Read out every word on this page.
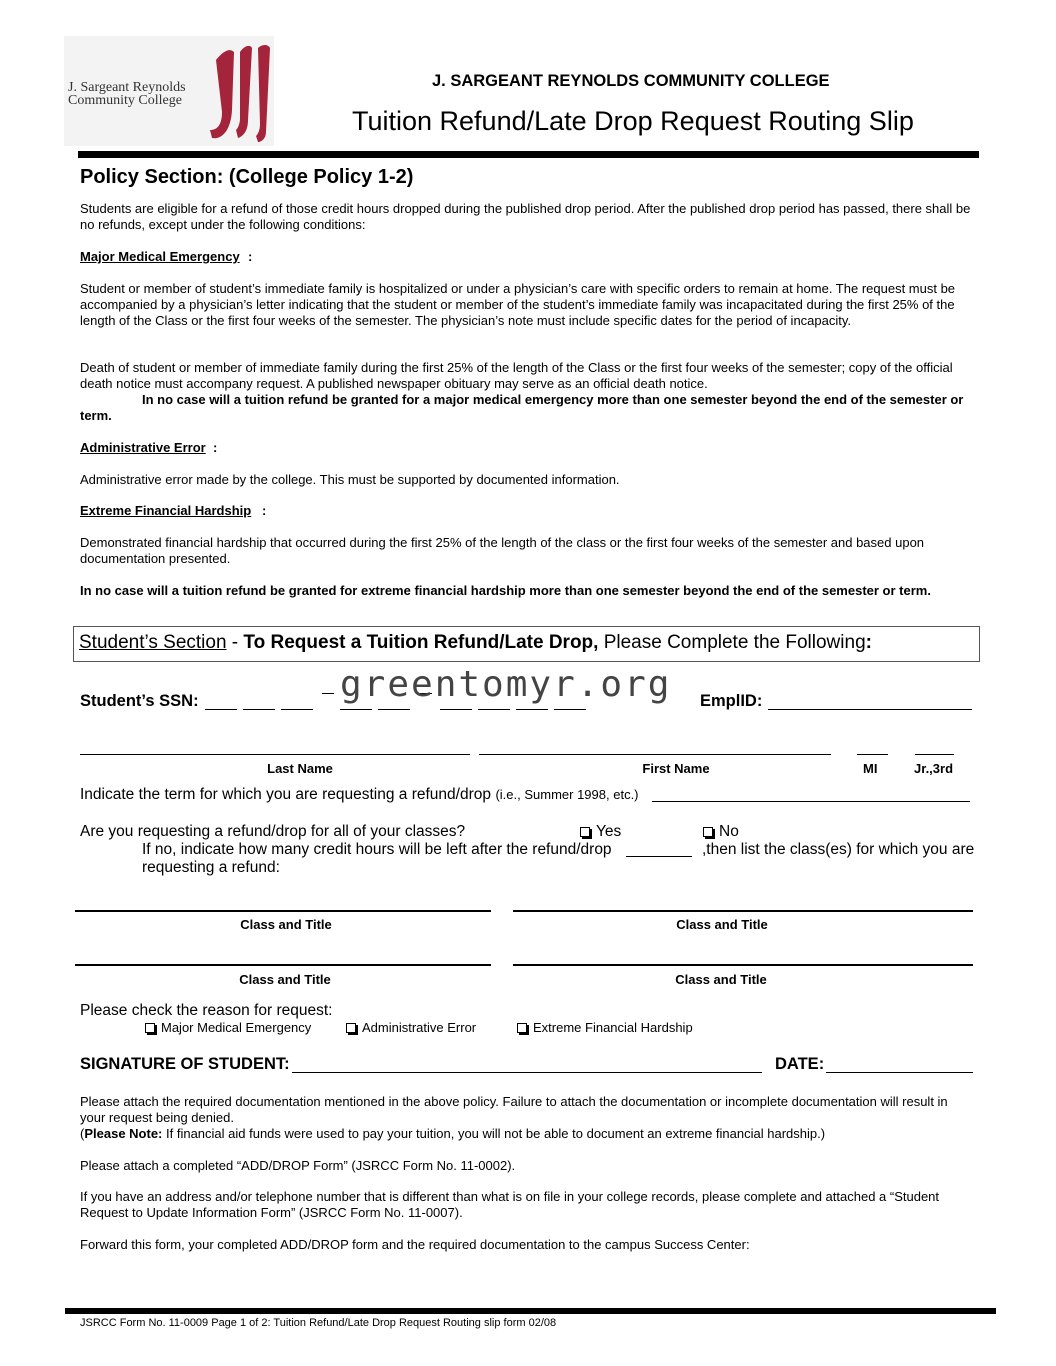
J. Sargeant Reynolds
Community College
J. SARGEANT REYNOLDS COMMUNITY COLLEGE
Tuition Refund/Late Drop Request Routing Slip
Policy Section: (College Policy 1-2)
Students are eligible for a refund of those credit hours dropped during the published drop period. After the published drop period has passed, there shall be no refunds, except under the following conditions:
Major Medical Emergency :
Student or member of student’s immediate family is hospitalized or under a physician’s care with specific orders to remain at home. The request must be accompanied by a physician’s letter indicating that the student or member of the student’s immediate family was incapacitated during the first 25% of the length of the Class or the first four weeks of the semester. The physician’s note must include specific dates for the period of incapacity.
Death of student or member of immediate family during the first 25% of the length of the Class or the first four weeks of the semester; copy of the official death notice must accompany request. A published newspaper obituary may serve as an official death notice.
In no case will a tuition refund be granted for a major medical emergency more than one semester beyond the end of the semester or term.
Administrative Error :
Administrative error made by the college. This must be supported by documented information.
Extreme Financial Hardship :
Demonstrated financial hardship that occurred during the first 25% of the length of the class or the first four weeks of the semester and based upon documentation presented.
In no case will a tuition refund be granted for extreme financial hardship more than one semester beyond the end of the semester or term.
Student’s Section - To Request a Tuition Refund/Late Drop, Please Complete the Following:
Student’s SSN:	greentomyr.org EmplID:
Last Name	First Name	MI	Jr.,3rd
Indicate the term for which you are requesting a refund/drop (i.e., Summer 1998, etc.)
Are you requesting a refund/drop for all of your classes?	Yes	No
If no, indicate how many credit hours will be left after the refund/drop	,then list the class(es) for which you are
requesting a refund:
Class and Title	Class and Title
Class and Title	Class and Title
Please check the reason for request:
Major Medical Emergency	Administrative Error	Extreme Financial Hardship
SIGNATURE OF STUDENT:	DATE:
Please attach the required documentation mentioned in the above policy. Failure to attach the documentation or incomplete documentation will result in your request being denied.
(Please Note: If financial aid funds were used to pay your tuition, you will not be able to document an extreme financial hardship.)
Please attach a completed “ADD/DROP Form” (JSRCC Form No. 11-0002).
If you have an address and/or telephone number that is different than what is on file in your college records, please complete and attached a “Student Request to Update Information Form” (JSRCC Form No. 11-0007).
Forward this form, your completed ADD/DROP form and the required documentation to the campus Success Center:
JSRCC Form No. 11-0009 Page 1 of 2: Tuition Refund/Late Drop Request Routing slip form 02/08
